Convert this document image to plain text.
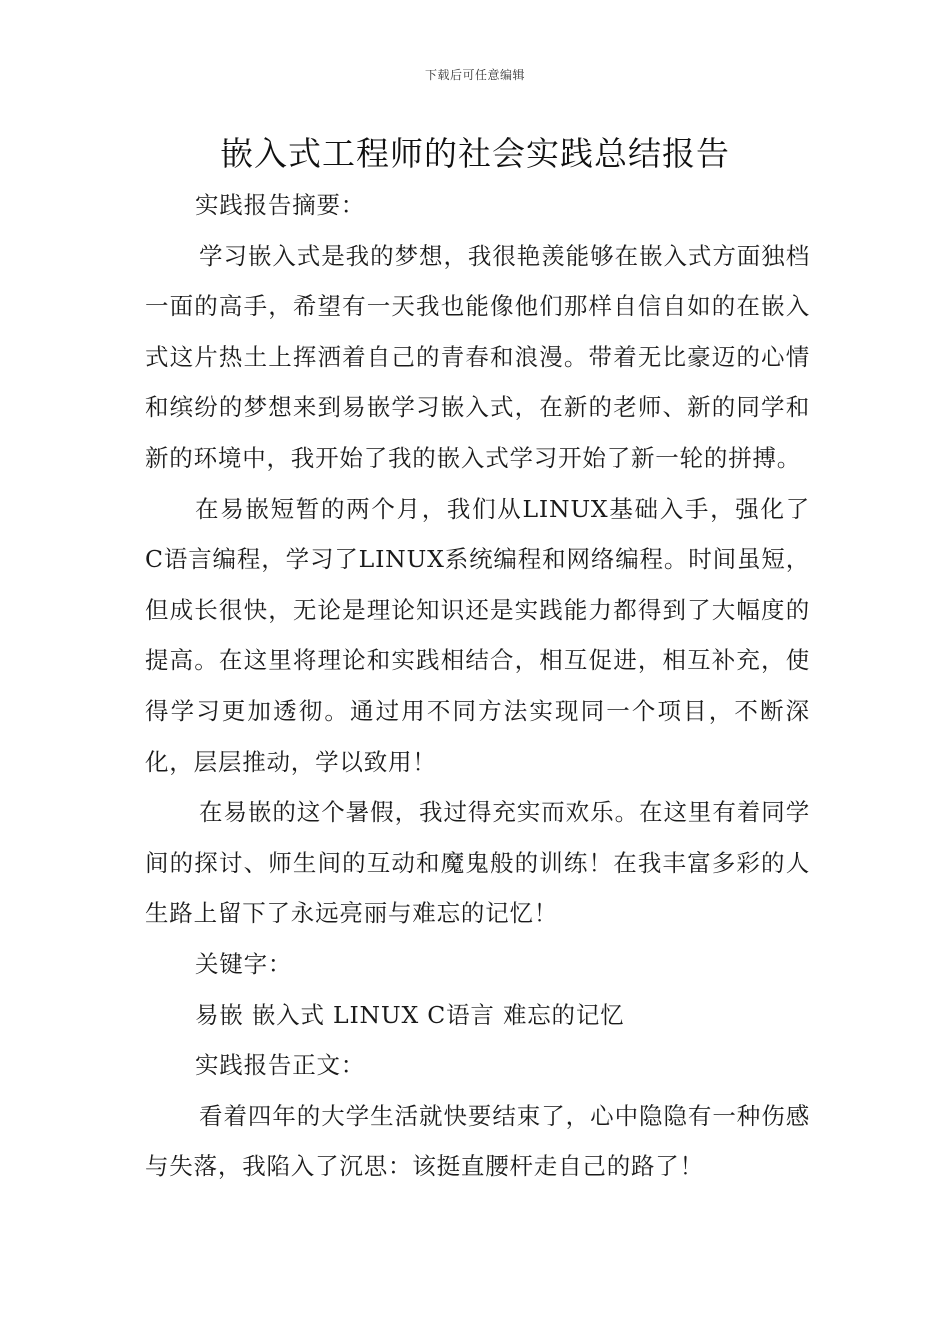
下载后可任意编辑
嵌入式工程师的社会实践总结报告

实践报告摘要：

学习嵌入式是我的梦想，我很艳羡能够在嵌入式方面独档一面的高手，希望有一天我也能像他们那样自信自如的在嵌入式这片热土上挥洒着自己的青春和浪漫。带着无比豪迈的心情和缤纷的梦想来到易嵌学习嵌入式，在新的老师、新的同学和新的环境中，我开始了我的嵌入式学习开始了新一轮的拼搏。

在易嵌短暂的两个月，我们从LINUX基础入手，强化了C语言编程，学习了LINUX系统编程和网络编程。时间虽短，但成长很快，无论是理论知识还是实践能力都得到了大幅度的提高。在这里将理论和实践相结合，相互促进，相互补充，使得学习更加透彻。通过用不同方法实现同一个项目，不断深化，层层推动，学以致用！

在易嵌的这个暑假，我过得充实而欢乐。在这里有着同学间的探讨、师生间的互动和魔鬼般的训练！在我丰富多彩的人生路上留下了永远亮丽与难忘的记忆！

关键字：

易嵌 嵌入式 LINUX C语言 难忘的记忆

实践报告正文：

看着四年的大学生活就快要结束了，心中隐隐有一种伤感与失落，我陷入了沉思：该挺直腰杆走自己的路了！
